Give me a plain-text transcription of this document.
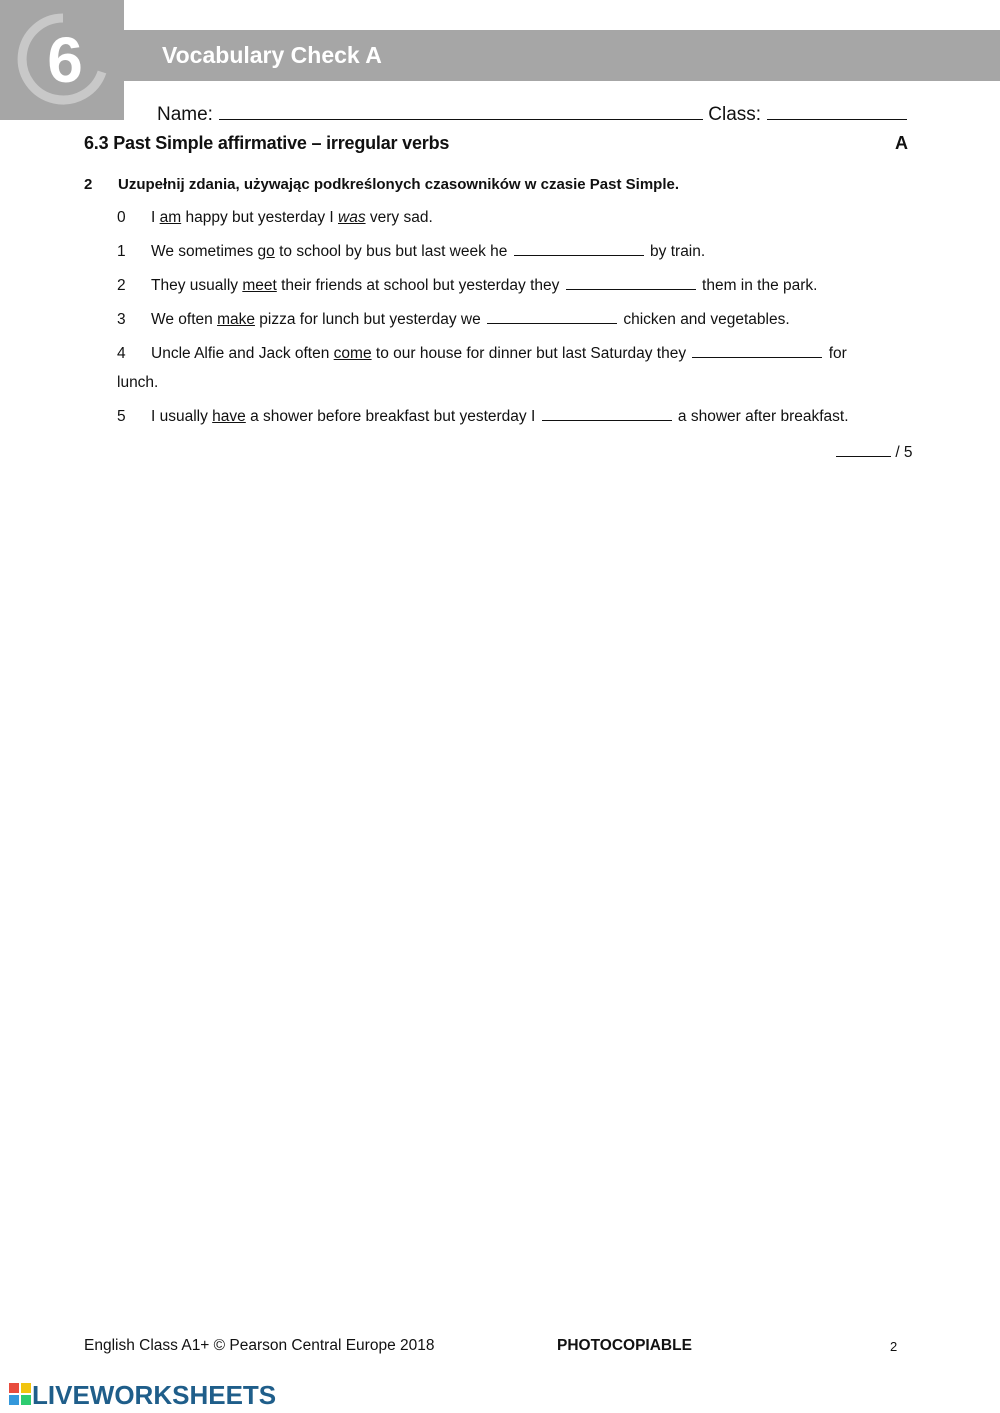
6	Vocabulary Check A
Name:	Class:
6.3 Past Simple affirmative – irregular verbs	A
2 Uzupełnij zdania, używając podkreślonych czasowników w czasie Past Simple.
0	I am happy but yesterday I was very sad.
1	We sometimes go to school by bus but last week he	by train.
2	They usually meet their friends at school but yesterday they	them in the park.
3	We often make pizza for lunch but yesterday we	chicken and vegetables.
4	Uncle Alfie and Jack often come to our house for dinner but last Saturday they	for
lunch.
5	I usually have a shower before breakfast but yesterday I	a shower after breakfast.
/ 5
English Class A1+ © Pearson Central Europe 2018	PHOTOCOPIABLE	2
LIVEWORKSHEETS
